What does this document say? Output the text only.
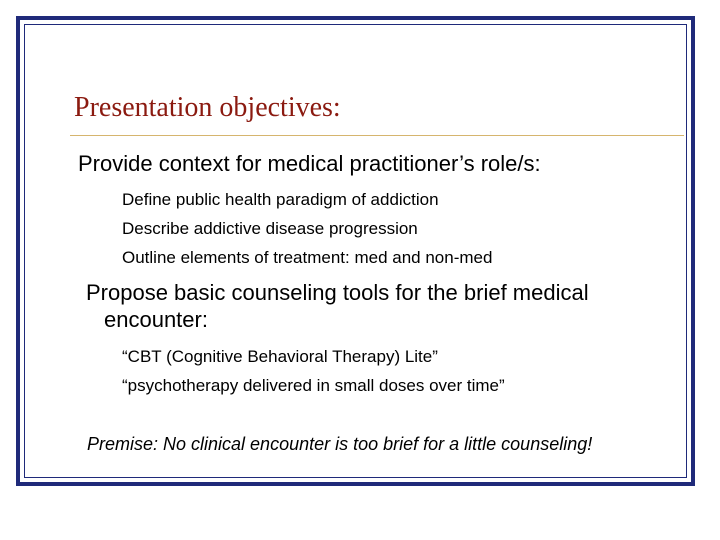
Presentation objectives:
Provide context for medical practitioner’s role/s:
Define public health paradigm of addiction
Describe addictive disease progression
Outline elements of treatment: med and non-med
Propose basic counseling tools for the brief medical
encounter:
“CBT (Cognitive Behavioral Therapy) Lite”
“psychotherapy delivered in small doses over time”
Premise: No clinical encounter is too brief for a little counseling!
